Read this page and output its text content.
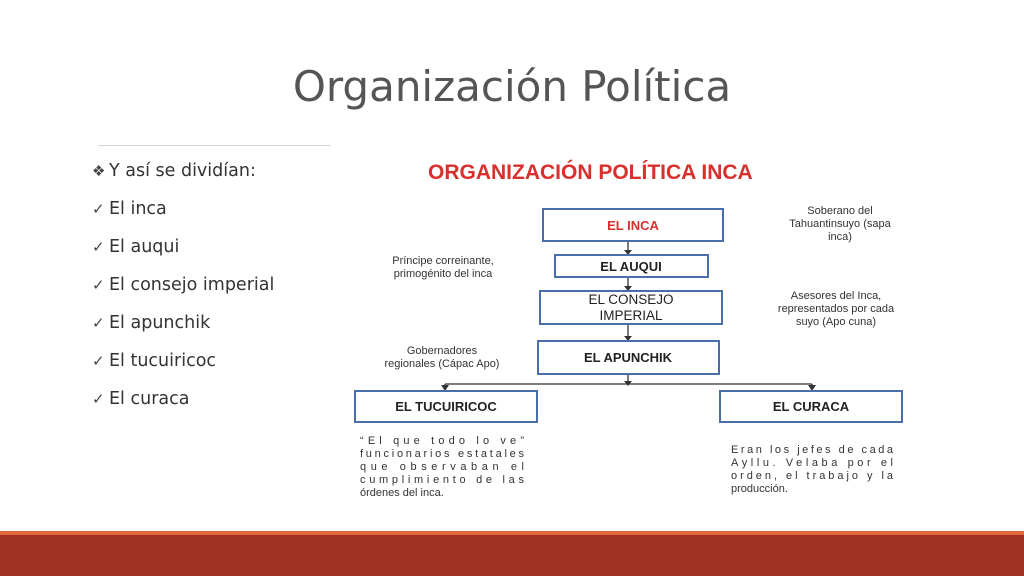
Organización Política
❖ Y así se dividían:
✓ El inca
✓ El auqui
✓ El consejo imperial
✓ El apunchik
✓ El tucuiricoc
✓ El curaca
ORGANIZACIÓN POLÍTICA INCA
EL INCA
EL AUQUI
EL CONSEJO
IMPERIAL
EL APUNCHIK
EL TUCUIRICOC	EL CURACA
Soberano del
Tahuantinsuyo (sapa
inca)
Príncipe correinante,
primogénito del inca
Asesores del Inca,
representados por cada
suyo (Apo cuna)
Gobernadores
regionales (Cápac Apo)
“El que todo lo ve”
funcionarios estatales
que observaban el
cumplimiento de las
órdenes del inca.
Eran los jefes de cada
Ayllu. Velaba por el
orden, el trabajo y la
producción.
